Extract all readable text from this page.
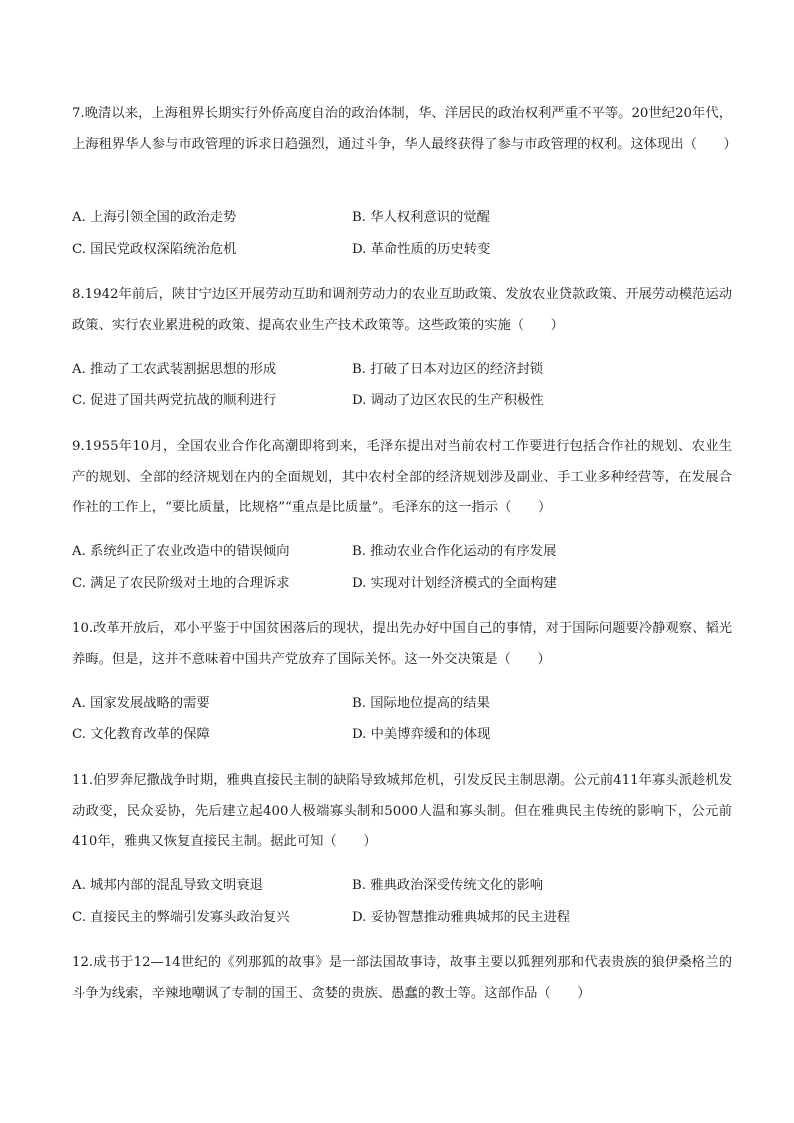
7.晚清以来，上海租界长期实行外侨高度自治的政治体制，华、洋居民的政治权利严重不平等。20世纪20年代，上海租界华人参与市政管理的诉求日趋强烈，通过斗争，华人最终获得了参与市政管理的权利。这体现出（　　）

A. 上海引领全国的政治走势	B. 华人权利意识的觉醒
C. 国民党政权深陷统治危机	D. 革命性质的历史转变

8.1942年前后，陕甘宁边区开展劳动互助和调剂劳动力的农业互助政策、发放农业贷款政策、开展劳动模范运动政策、实行农业累进税的政策、提高农业生产技术政策等。这些政策的实施（　　）

A. 推动了工农武装割据思想的形成	B. 打破了日本对边区的经济封锁
C. 促进了国共两党抗战的顺利进行	D. 调动了边区农民的生产积极性

9.1955年10月，全国农业合作化高潮即将到来，毛泽东提出对当前农村工作要进行包括合作社的规划、农业生产的规划、全部的经济规划在内的全面规划，其中农村全部的经济规划涉及副业、手工业多种经营等，在发展合作社的工作上，“要比质量，比规格”“重点是比质量”。毛泽东的这一指示（　　）

A. 系统纠正了农业改造中的错误倾向	B. 推动农业合作化运动的有序发展
C. 满足了农民阶级对土地的合理诉求	D. 实现对计划经济模式的全面构建

10.改革开放后，邓小平鉴于中国贫困落后的现状，提出先办好中国自己的事情，对于国际问题要冷静观察、韬光养晦。但是，这并不意味着中国共产党放弃了国际关怀。这一外交决策是（　　）

A. 国家发展战略的需要	B. 国际地位提高的结果
C. 文化教育改革的保障	D. 中美博弈缓和的体现

11.伯罗奔尼撒战争时期，雅典直接民主制的缺陷导致城邦危机，引发反民主制思潮。公元前411年寡头派趁机发动政变，民众妥协，先后建立起400人极端寡头制和5000人温和寡头制。但在雅典民主传统的影响下，公元前410年，雅典又恢复直接民主制。据此可知（　　）

A. 城邦内部的混乱导致文明衰退	B. 雅典政治深受传统文化的影响
C. 直接民主的弊端引发寡头政治复兴	D. 妥协智慧推动雅典城邦的民主进程

12.成书于12—14世纪的《列那狐的故事》是一部法国故事诗，故事主要以狐狸列那和代表贵族的狼伊桑格兰的斗争为线索，辛辣地嘲讽了专制的国王、贪婪的贵族、愚蠢的教士等。这部作品（　　）
